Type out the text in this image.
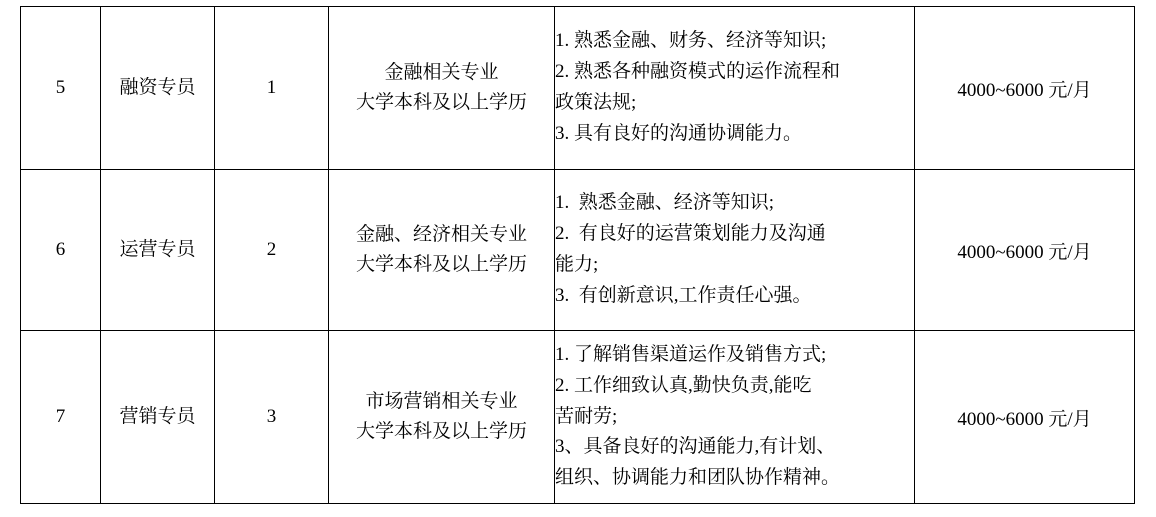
5	融资专员	1	金融相关专业
大学本科及以上学历	1. 熟悉金融、财务、经济等知识;
2. 熟悉各种融资模式的运作流程和
政策法规;
3. 具有良好的沟通协调能力。	4000~6000 元/月
6	运营专员	2	金融、经济相关专业
大学本科及以上学历	1.  熟悉金融、经济等知识;
2.  有良好的运营策划能力及沟通
能力;
3.  有创新意识,工作责任心强。	4000~6000 元/月
7	营销专员	3	市场营销相关专业
大学本科及以上学历	1. 了解销售渠道运作及销售方式;
2. 工作细致认真,勤快负责,能吃
苦耐劳;
3、具备良好的沟通能力,有计划、
组织、协调能力和团队协作精神。	4000~6000 元/月
